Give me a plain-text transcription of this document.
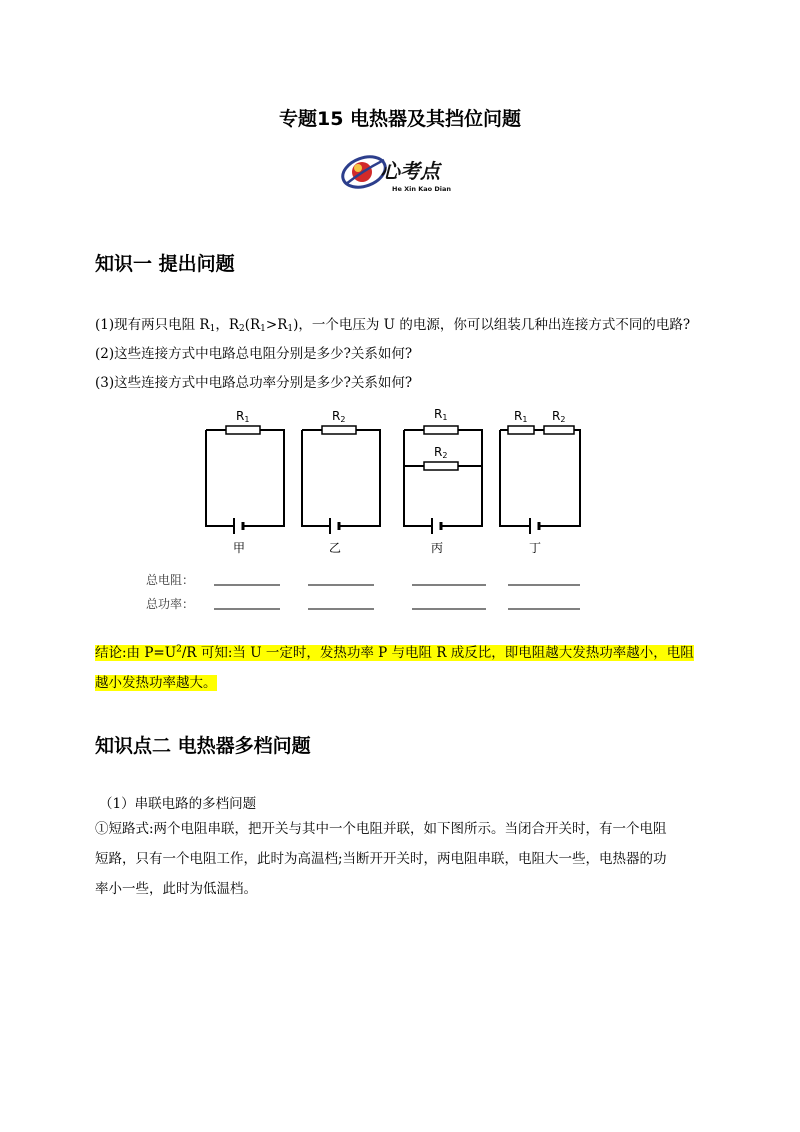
专题15 电热器及其挡位问题
心考点
He Xin Kao Dian
知识一 提出问题
(1)现有两只电阻 $R_1$，$R_2(R_1>R_1)$，一个电压为 U 的电源，你可以组装几种出连接方式不同的电路?
(2)这些连接方式中电路总电阻分别是多少?关系如何?
(3)这些连接方式中电路总功率分别是多少?关系如何?
R1	R2	R1
R2
R1 R2
甲	乙	丙	丁
总电阻：
总功率：
结论:由 $P=U^2/R$ 可知:当 U 一定时，发热功率 P 与电阻 R 成反比，即电阻越大发热功率越小，电阻
越小发热功率越大。
知识点二 电热器多档问题
（1）串联电路的多档问题
①短路式:两个电阻串联，把开关与其中一个电阻并联，如下图所示。当闭合开关时，有一个电阻
短路，只有一个电阻工作，此时为高温档;当断开开关时，两电阻串联，电阻大一些，电热器的功
率小一些，此时为低温档。
